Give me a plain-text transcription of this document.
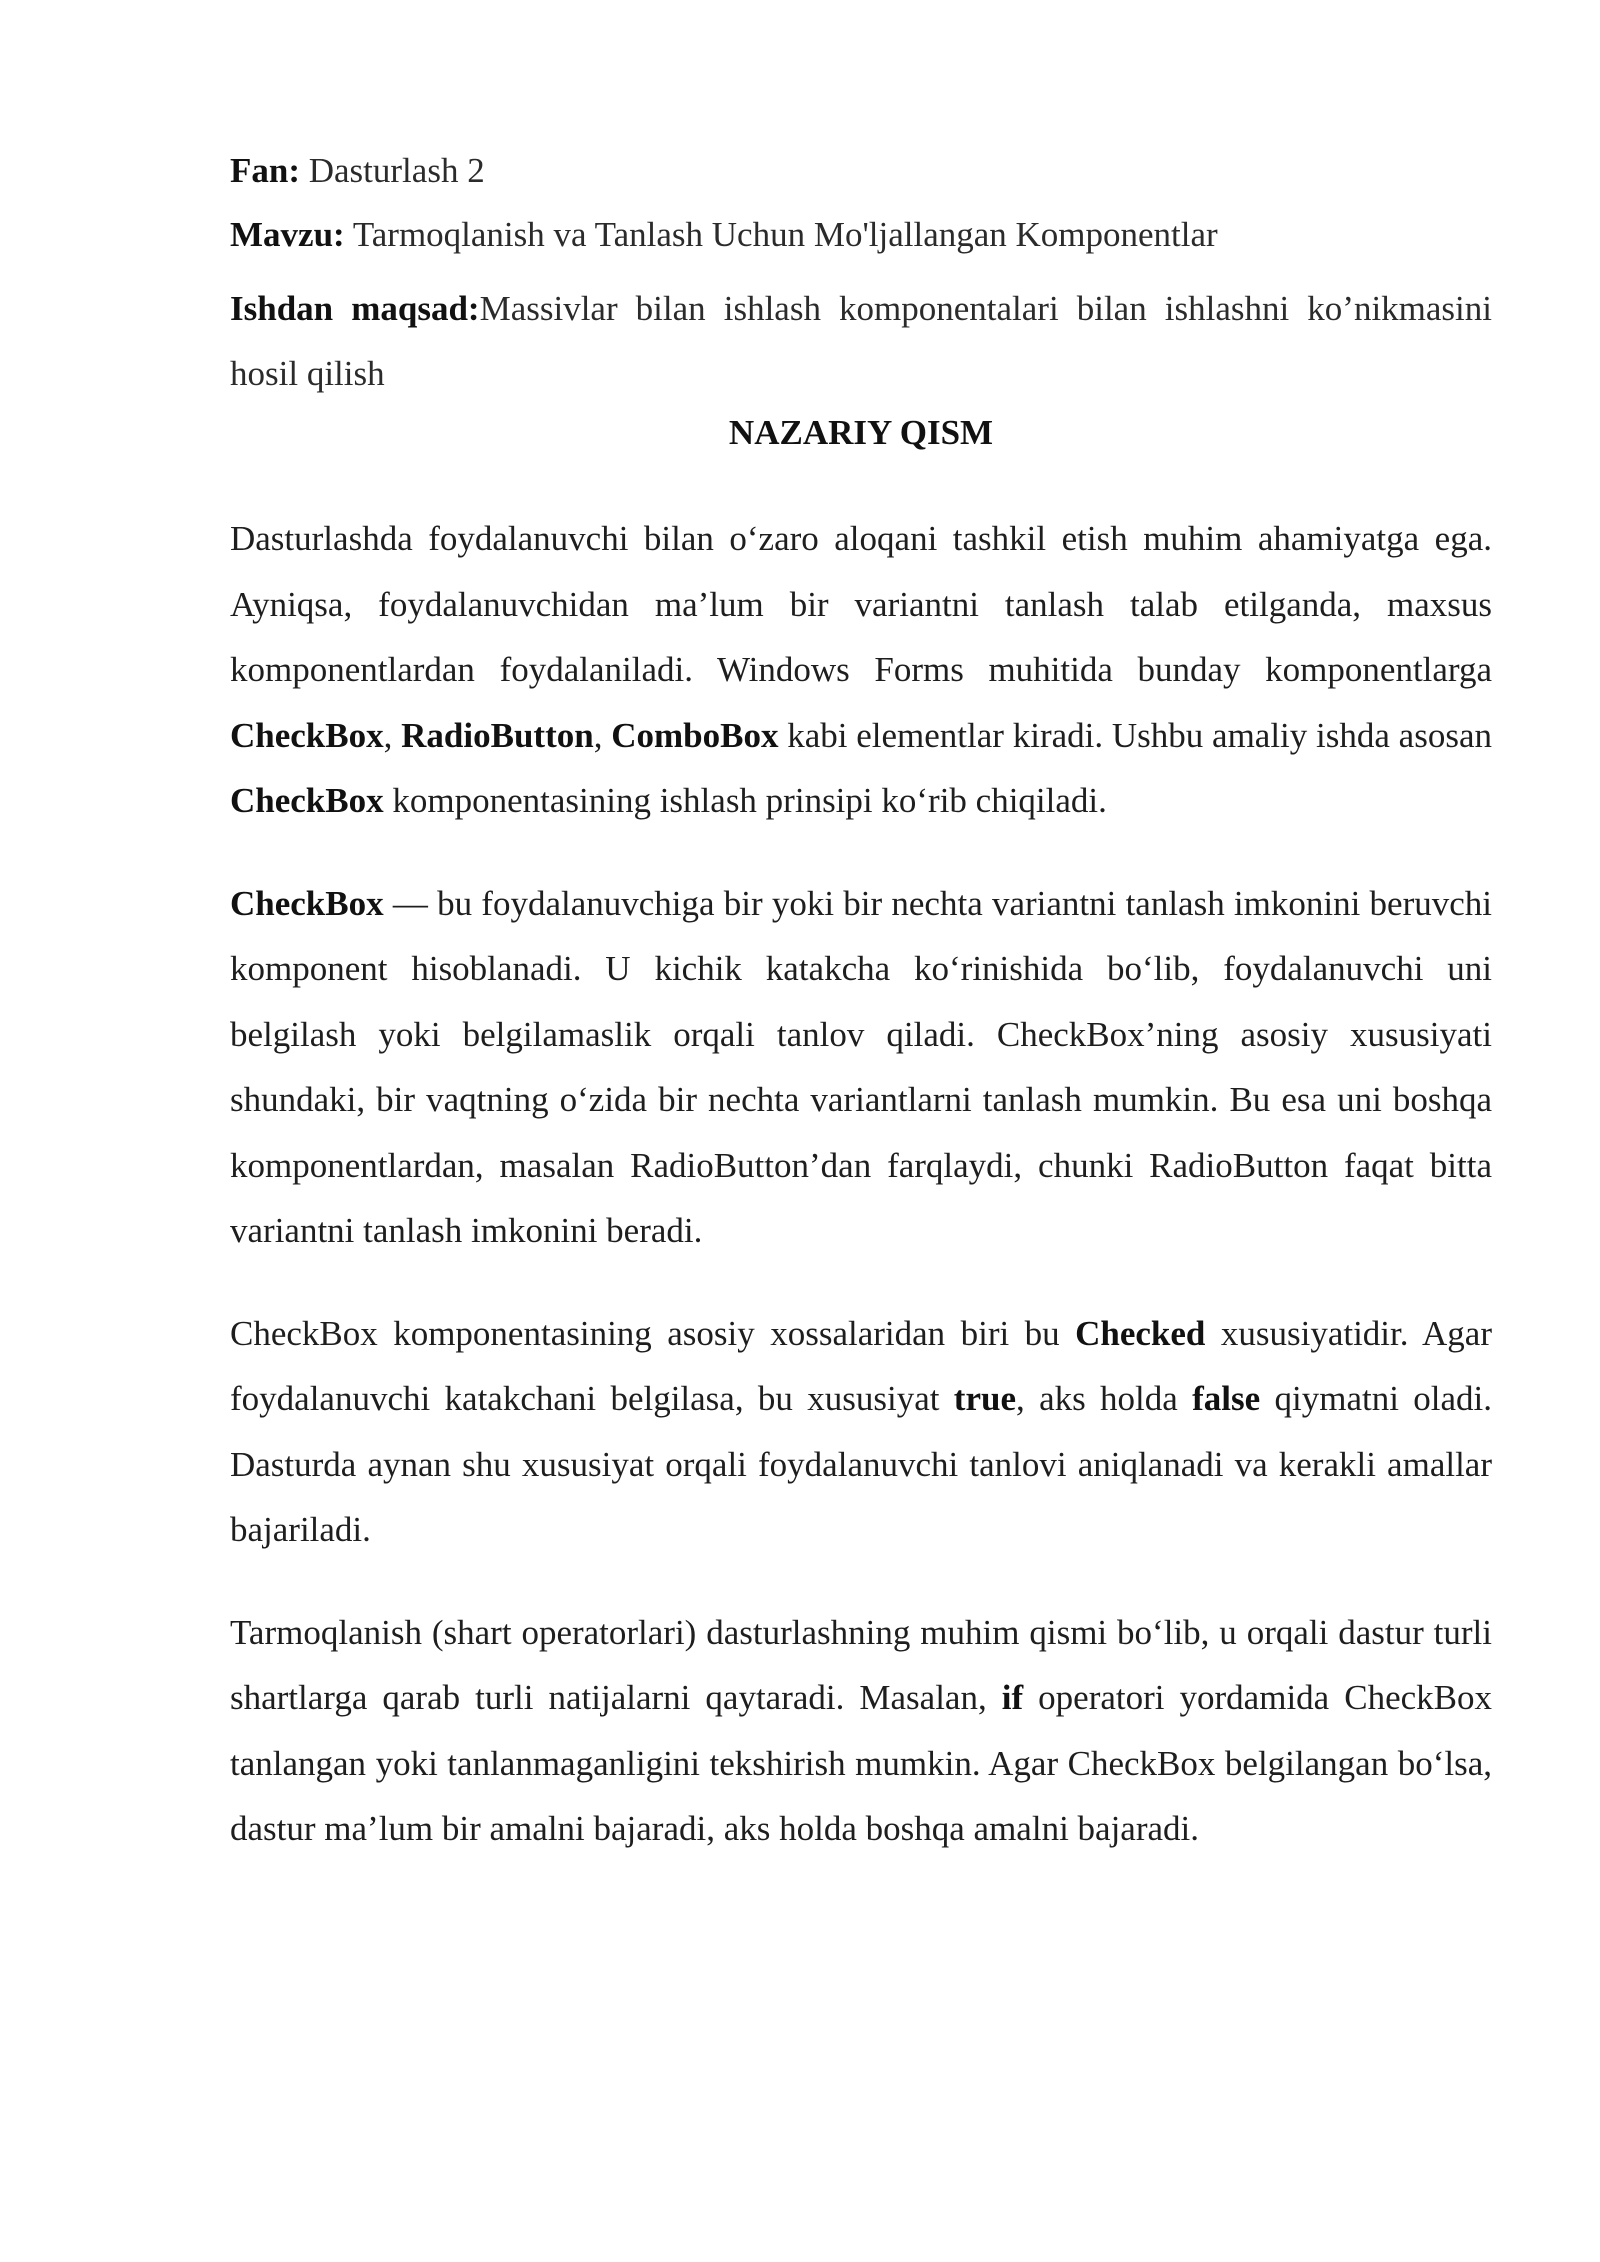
Fan: Dasturlash 2

Mavzu: Tarmoqlanish va Tanlash Uchun Mo'ljallangan Komponentlar

Ishdan maqsad:Massivlar bilan ishlash komponentalari bilan ishlashni ko’nikmasini hosil qilish

NAZARIY QISM

Dasturlashda foydalanuvchi bilan o‘zaro aloqani tashkil etish muhim ahamiyatga ega. Ayniqsa, foydalanuvchidan ma’lum bir variantni tanlash talab etilganda, maxsus komponentlardan foydalaniladi. Windows Forms muhitida bunday komponentlarga CheckBox, RadioButton, ComboBox kabi elementlar kiradi. Ushbu amaliy ishda asosan CheckBox komponentasining ishlash prinsipi ko‘rib chiqiladi.

CheckBox — bu foydalanuvchiga bir yoki bir nechta variantni tanlash imkonini beruvchi komponent hisoblanadi. U kichik katakcha ko‘rinishida bo‘lib, foydalanuvchi uni belgilash yoki belgilamaslik orqali tanlov qiladi. CheckBox’ning asosiy xususiyati shundaki, bir vaqtning o‘zida bir nechta variantlarni tanlash mumkin. Bu esa uni boshqa komponentlardan, masalan RadioButton’dan farqlaydi, chunki RadioButton faqat bitta variantni tanlash imkonini beradi.

CheckBox komponentasining asosiy xossalaridan biri bu Checked xususiyatidir. Agar foydalanuvchi katakchani belgilasa, bu xususiyat true, aks holda false qiymatni oladi. Dasturda aynan shu xususiyat orqali foydalanuvchi tanlovi aniqlanadi va kerakli amallar bajariladi.

Tarmoqlanish (shart operatorlari) dasturlashning muhim qismi bo‘lib, u orqali dastur turli shartlarga qarab turli natijalarni qaytaradi. Masalan, if operatori yordamida CheckBox tanlangan yoki tanlanmaganligini tekshirish mumkin. Agar CheckBox belgilangan bo‘lsa, dastur ma’lum bir amalni bajaradi, aks holda boshqa amalni bajaradi.
